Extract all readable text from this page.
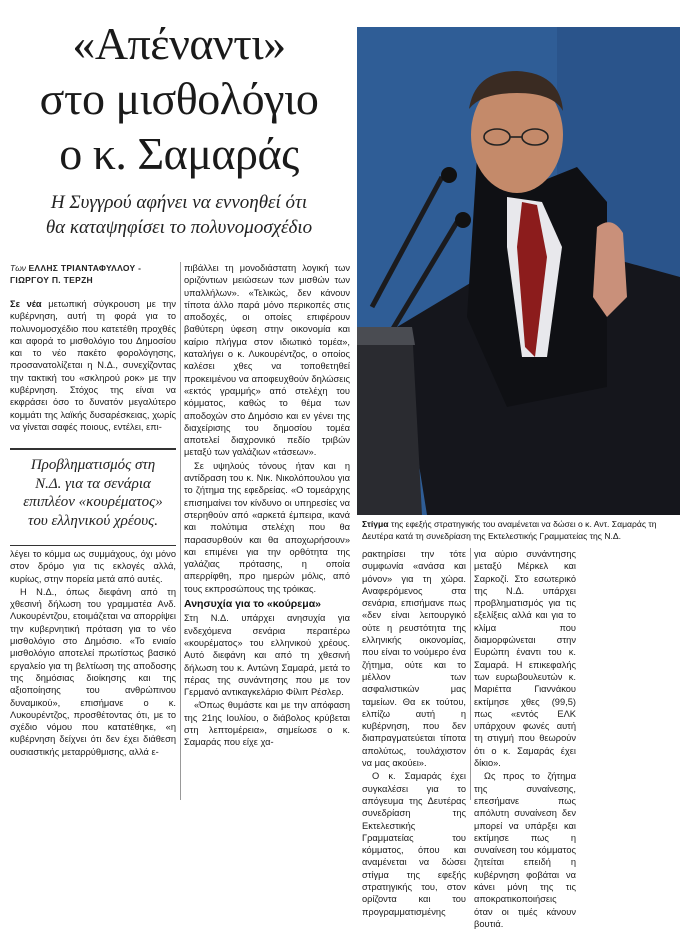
«Απέναντι»
στο μισθολόγιο
ο κ. Σαμαράς
Η Συγγρού αφήνει να εννοηθεί ότι
θα καταψηφίσει το πολυνομοσχέδιο
Των ΕΛΛΗΣ ΤΡΙΑΝΤΑΦΥΛΛΟΥ - ΓΙΩΡΓΟΥ Π. ΤΕΡΖΗ

Σε νέα μετωπική σύγκρουση με την κυβέρνηση, αυτή τη φορά για το πολυνομοσχέδιο που κατετέθη προχθές και αφορά το μισθολόγιο του Δημοσίου και το νέο πακέτο φορολόγησης, προσανατολίζεται η Ν.Δ., συνεχίζοντας την τακτική του «σκληρού ροκ» με την κυβέρνηση. Στόχος της είναι να εκφράσει όσο το δυνατόν μεγαλύτερο κομμάτι της λαϊκής δυσαρέσκειας, χωρίς να γίνεται σαφές ποιους, εντέλει, επι-

Προβληματισμός στη
Ν.Δ. για τα σενάρια
επιπλέον «κουρέματος»
του ελληνικού χρέους.

λέγει το κόμμα ως συμμάχους, όχι μόνο στον δρόμο για τις εκλογές αλλά, κυρίως, στην πορεία μετά από αυτές.

Η Ν.Δ., όπως διεφάνη από τη χθεσινή δήλωση του γραμματέα Ανδ. Λυκουρέντζου, ετοιμάζεται να απορρίψει την κυβερνητική πρόταση για το νέο μισθολόγιο στο Δημόσιο. «Το ενιαίο μισθολόγιο αποτελεί πρωτίστως βασικό εργαλείο για τη βελτίωση της αποδοσης της δημόσιας διοίκησης και της αξιοποίησης του ανθρώπινου δυναμικού», επισήμανε ο κ. Λυκουρέντζος, προσθέτοντας ότι, με το σχέδιο νόμου που κατατέθηκε, «η κυβέρνηση δείχνει ότι δεν έχει διάθεση ουσιαστικής μεταρρύθμισης, αλλά ε-

πιβάλλει τη μονοδιάστατη λογική των οριζόντιων μειώσεων των μισθών των υπαλλήλων». «Τελικώς, δεν κάνουν τίποτα άλλο παρά μόνο περικοπές στις αποδοχές, οι οποίες επιφέρουν βαθύτερη ύφεση στην οικονομία και καίριο πλήγμα στον ιδιωτικό τομέα», καταλήγει ο κ. Λυκουρέντζος, ο οποίος καλέσει χθες να τοποθετηθεί προκειμένου να αποφευχθούν δηλώσεις «εκτός γραμμής» από στελέχη του κόμματος, καθώς το θέμα των αποδοχών στο Δημόσιο και εν γένει της διαχείρισης του δημοσίου τομέα αποτελεί διαχρονικό πεδίο τριβών μεταξύ των γαλάζιων «τάσεων».

Σε υψηλούς τόνους ήταν και η αντίδραση του κ. Νικ. Νικολόπουλου για το ζήτημα της εφεδρείας. «Ο τομεάρχης επισημαίνει τον κίνδυνο οι υπηρεσίες να στερηθούν από «αρκετά έμπειρα, ικανά και πολύτιμα στελέχη που θα παρασυρθούν και θα αποχωρήσουν» και επιμένει για την ορθότητα της γαλάζιας πρότασης, η οποία απερρίφθη, προ ημερών μόλις, από τους εκπροσώπους της τρόικας.

Ανησυχία για το «κούρεμα»

Στη Ν.Δ. υπάρχει ανησυχία για ενδεχόμενα σενάρια περαιτέρω «κουρέματος» του ελληνικού χρέους. Αυτό διεφάνη και από τη χθεσινή δήλωση του κ. Αντώνη Σαμαρά, μετά το πέρας της συνάντησης που με τον Γερμανό αντικαγκελάριο Φίλιπ Ρέσλερ.

«Όπως θυμάστε και με την απόφαση της 21ης Ιουλίου, ο διάβολος κρύβεται στη λεπτομέρεια», σημείωσε ο κ. Σαμαράς που είχε χα-

Στίγμα της εφεξής στρατηγικής του αναμένεται να δώσει ο κ. Αντ. Σαμαράς τη Δευτέρα κατά τη συνεδρίαση της Εκτελεστικής Γραμματείας της Ν.Δ.

ρακτηρίσει την τότε συμφωνία «ανάσα και μόνον» για τη χώρα. Αναφερόμενος στα σενάρια, επισήμανε πως «δεν είναι λειτουργικό ούτε η ρευστότητα της ελληνικής οικονομίας, που είναι το νούμερο ένα ζήτημα, ούτε και το μέλλον των ασφαλιστικών μας ταμείων. Θα εκ τούτου, ελπίζω αυτή η κυβέρνηση, που δεν διαπραγματεύεται τίποτα απολύτως, τουλάχιστον να μας ακούει».

Ο κ. Σαμαράς έχει συγκαλέσει για το απόγευμα της Δευτέρας συνεδρίαση της Εκτελεστικής Γραμματείας του κόμματος, όπου και αναμένεται να δώσει στίγμα της εφεξής στρατηγικής του, στον ορίζοντα και του προγραμματισμένης

για αύριο συνάντησης μεταξύ Μέρκελ και Σαρκοζί. Στο εσωτερικό της Ν.Δ. υπάρχει προβληματισμός για τις εξελίξεις αλλά και για το κλίμα που διαμορφώνεται στην Ευρώπη έναντι του κ. Σαμαρά. Η επικεφαλής των ευρωβουλευτών κ. Μαριέττα Γιαννάκου εκτίμησε χθες (99,5) πως «εντός ΕΛΚ υπάρχουν φωνές αυτή τη στιγμή που θεωρούν ότι ο κ. Σαμαράς έχει δίκιο».

Ως προς το ζήτημα της συναίνεσης, επεσήμανε πως απόλυτη συναίνεση δεν μπορεί να υπάρξει και εκτίμησε πως η συναίνεση του κόμματος ζητείται επειδή η κυβέρνηση φοβάται να κάνει μόνη της τις αποκρατικοποιήσεις όταν οι τιμές κάνουν βουτιά.
